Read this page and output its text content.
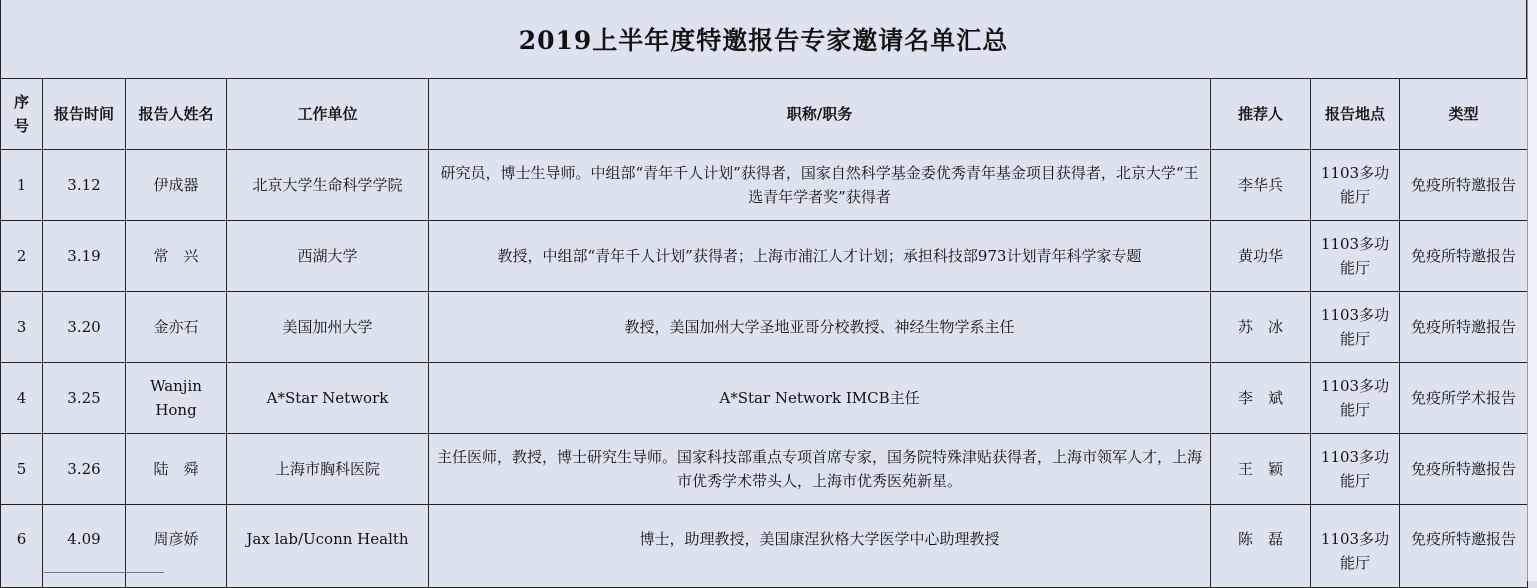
2019上半年度特邀报告专家邀请名单汇总
序号	报告时间	报告人姓名	工作单位	职称/职务	推荐人	报告地点	类型
1	3.12	伊成器	北京大学生命科学学院	研究员，博士生导师。中组部“青年千人计划”获得者，国家自然科学基金委优秀青年基金项目获得者，北京大学“王选青年学者奖”获得者	李华兵	1103多功能厅	免疫所特邀报告
2	3.19	常　兴	西湖大学	教授，中组部“青年千人计划”获得者；上海市浦江人才计划；承担科技部973计划青年科学家专题	黄功华	1103多功能厅	免疫所特邀报告
3	3.20	金亦石	美国加州大学	教授，美国加州大学圣地亚哥分校教授、神经生物学系主任	苏　冰	1103多功能厅	免疫所特邀报告
4	3.25	Wanjin Hong	A*Star Network	A*Star Network IMCB主任	李　斌	1103多功能厅	免疫所学术报告
5	3.26	陆　舜	上海市胸科医院	主任医师，教授，博士研究生导师。国家科技部重点专项首席专家，国务院特殊津贴获得者，上海市领军人才，上海市优秀学术带头人，上海市优秀医苑新星。	王　颖	1103多功能厅	免疫所特邀报告
6	4.09	周彦娇	Jax lab/Uconn Health	博士，助理教授，美国康涅狄格大学医学中心助理教授	陈　磊	1103多功能厅	免疫所特邀报告
